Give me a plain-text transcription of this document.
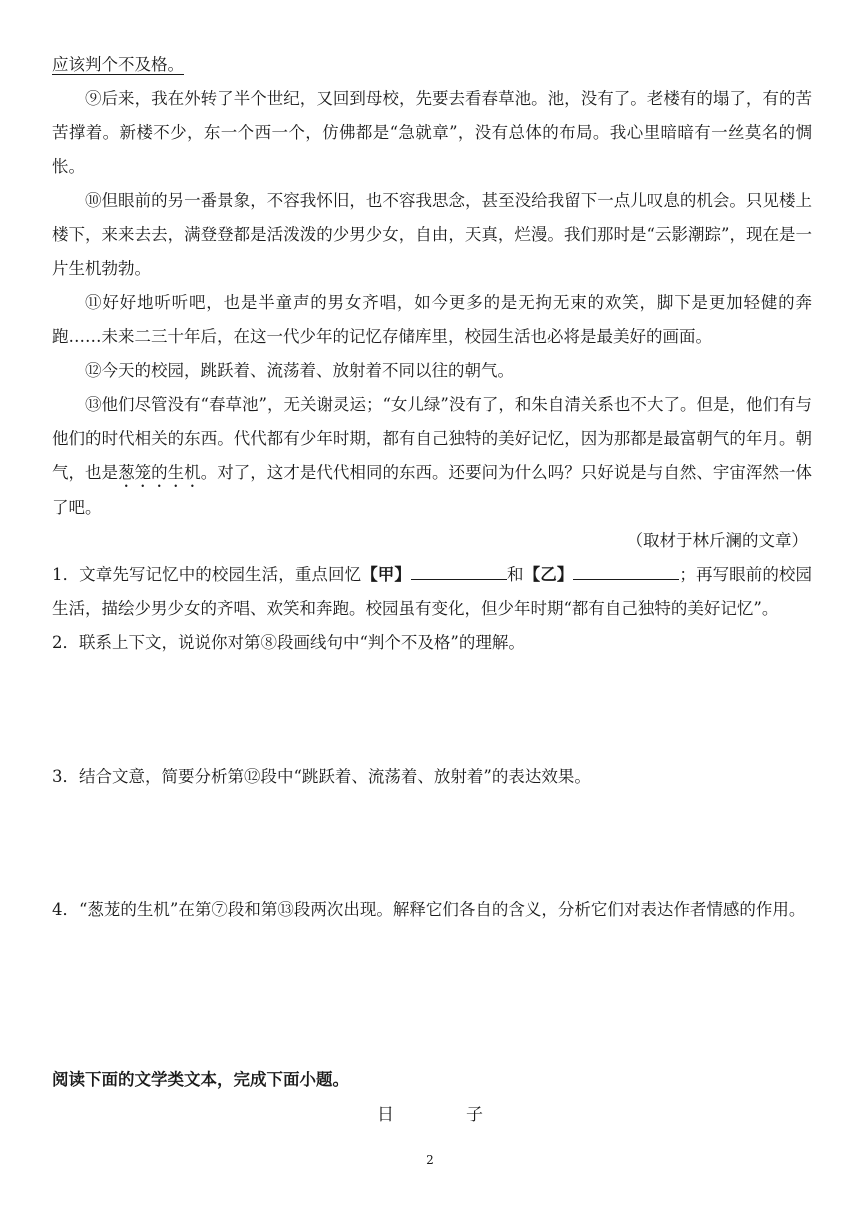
应该判个不及格。

⑨后来，我在外转了半个世纪，又回到母校，先要去看春草池。池，没有了。老楼有的塌了，有的苦苦撑着。新楼不少，东一个西一个，仿佛都是“急就章”，没有总体的布局。我心里暗暗有一丝莫名的惆怅。

⑩但眼前的另一番景象，不容我怀旧，也不容我思念，甚至没给我留下一点儿叹息的机会。只见楼上楼下，来来去去，满登登都是活泼泼的少男少女，自由，天真，烂漫。我们那时是“云影潮踪”，现在是一片生机勃勃。

⑪好好地听听吧，也是半童声的男女齐唱，如今更多的是无拘无束的欢笑，脚下是更加轻健的奔跑……未来二三十年后，在这一代少年的记忆存储库里，校园生活也必将是最美好的画面。

⑫今天的校园，跳跃着、流荡着、放射着不同以往的朝气。

⑬他们尽管没有“春草池”，无关谢灵运；“女儿绿”没有了，和朱自清关系也不大了。但是，他们有与他们的时代相关的东西。代代都有少年时期，都有自己独特的美好记忆，因为那都是最富朝气的年月。朝气，也是葱笼的生机。对了，这才是代代相同的东西。还要问为什么吗？只好说是与自然、宇宙浑然一体了吧。

（取材于林斤澜的文章）

1．文章先写记忆中的校园生活，重点回忆【甲】	和【乙】	；再写眼前的校园生活，描绘少男少女的齐唱、欢笑和奔跑。校园虽有变化，但少年时期“都有自己独特的美好记忆”。

2．联系上下文，说说你对第⑧段画线句中“判个不及格”的理解。

3．结合文意，简要分析第⑫段中“跳跃着、流荡着、放射着”的表达效果。

4．“葱茏的生机”在第⑦段和第⑬段两次出现。解释它们各自的含义，分析它们对表达作者情感的作用。

阅读下面的文学类文本，完成下面小题。

日	子
2
